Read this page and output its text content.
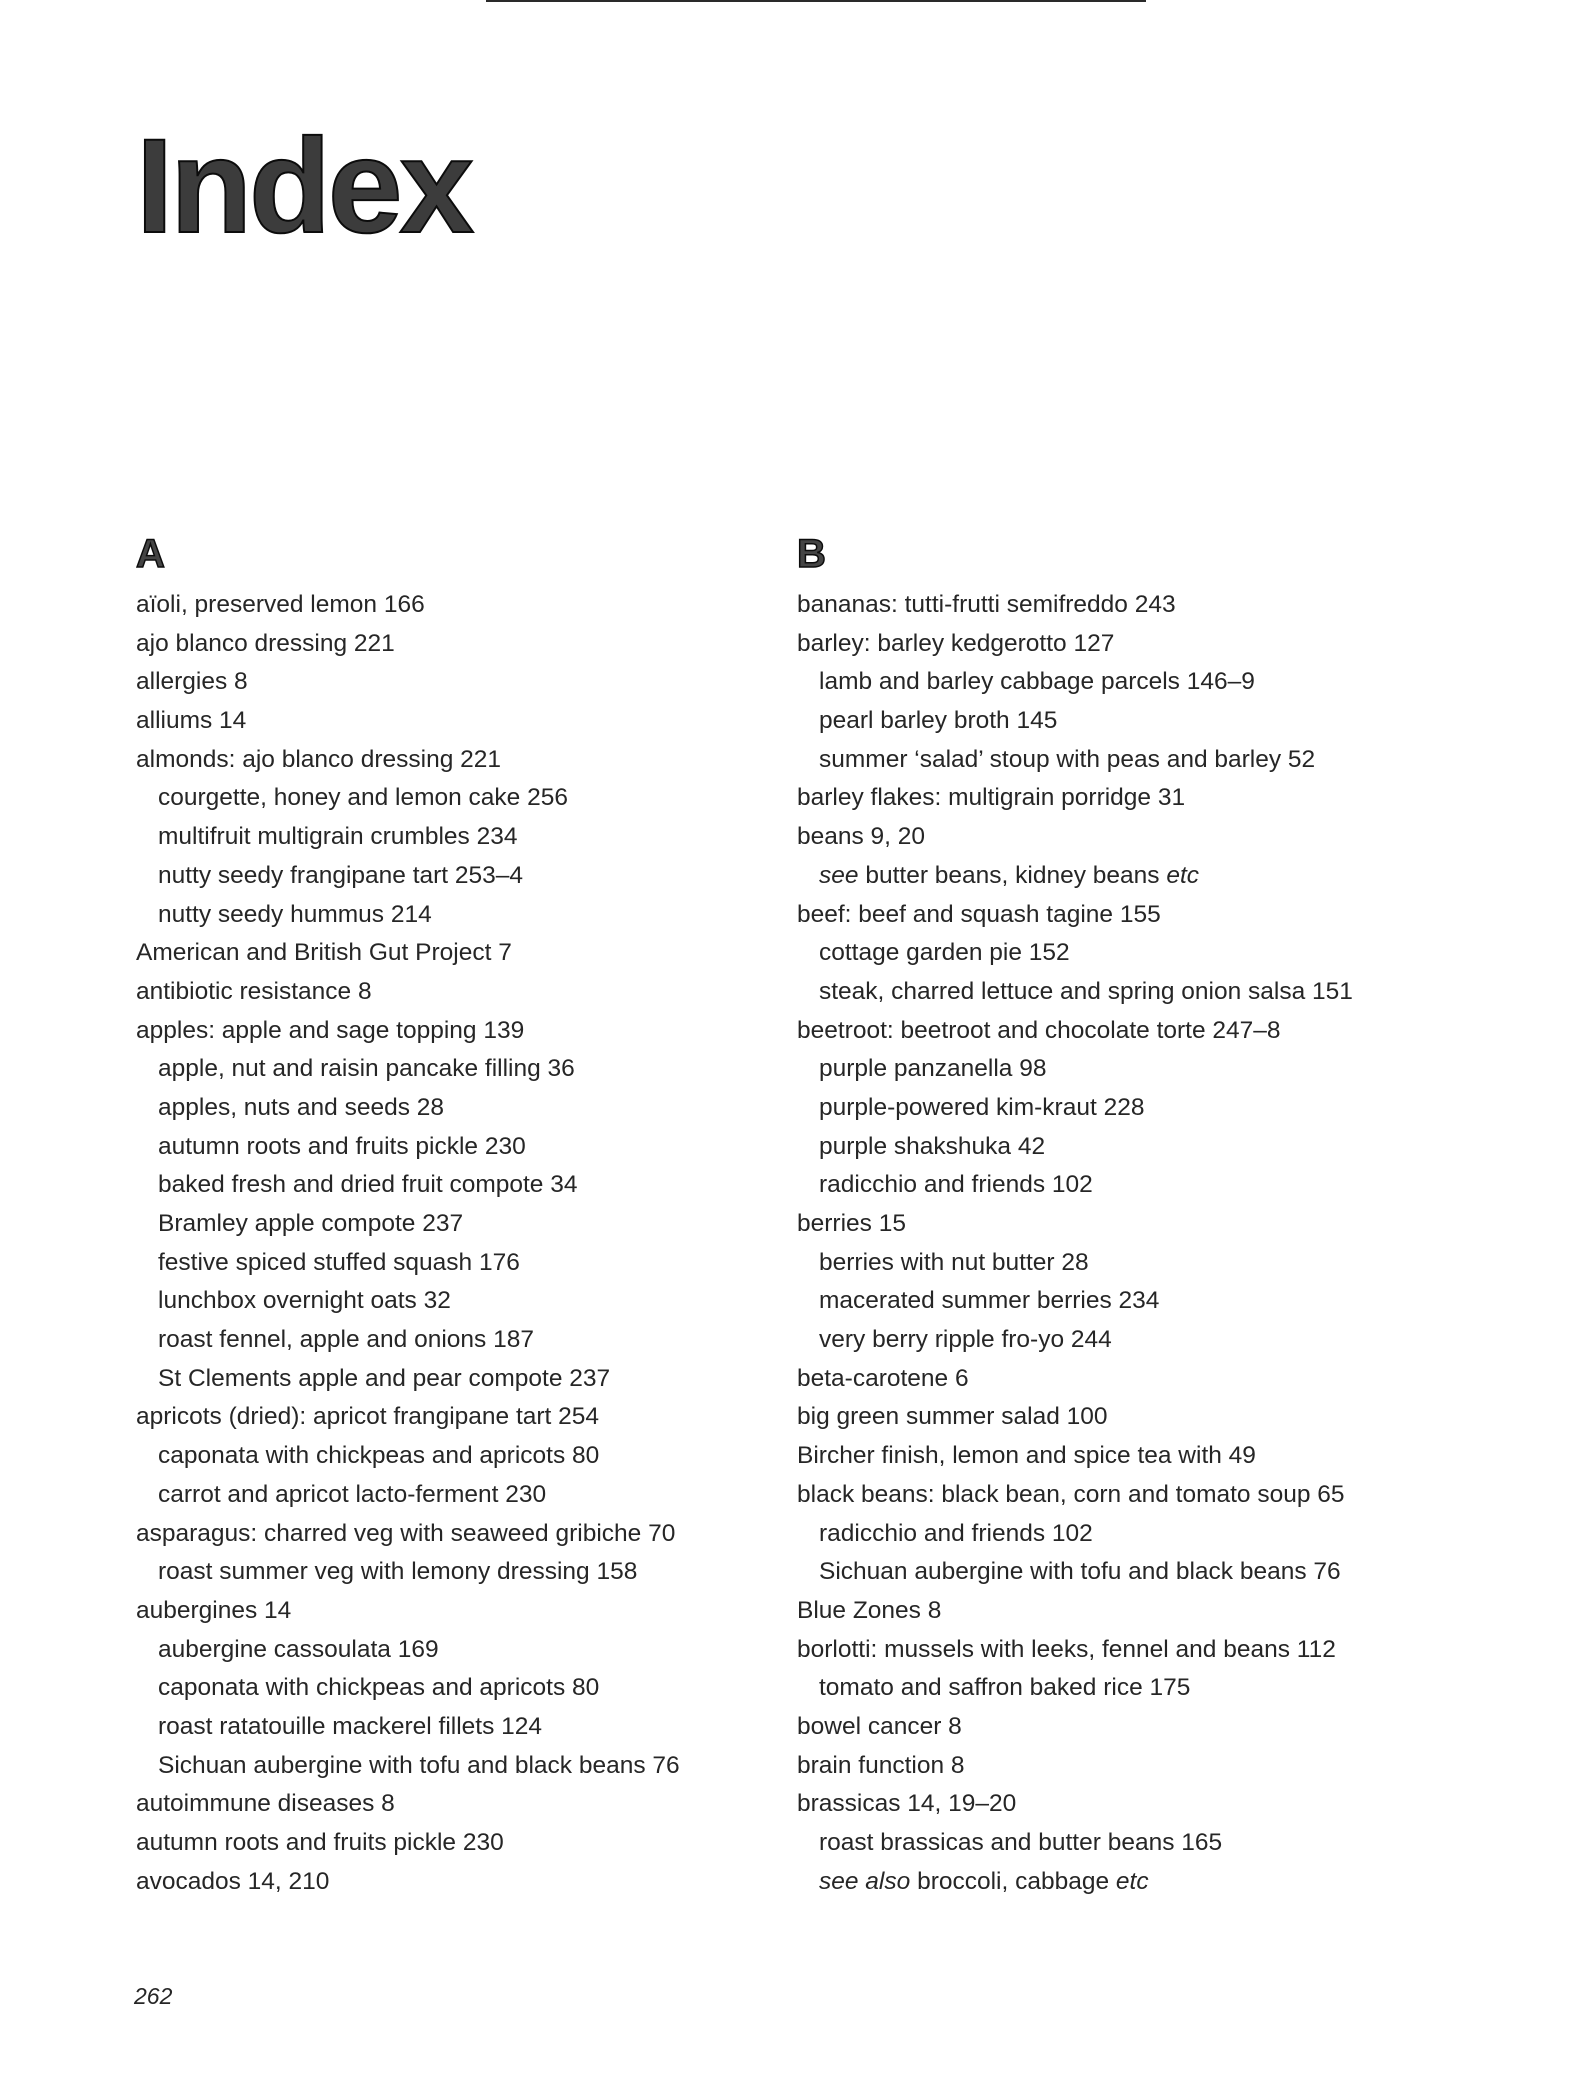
Index
A
aïoli, preserved lemon 166
ajo blanco dressing 221
allergies 8
alliums 14
almonds: ajo blanco dressing 221
courgette, honey and lemon cake 256
multifruit multigrain crumbles 234
nutty seedy frangipane tart 253–4
nutty seedy hummus 214
American and British Gut Project 7
antibiotic resistance 8
apples: apple and sage topping 139
apple, nut and raisin pancake filling 36
apples, nuts and seeds 28
autumn roots and fruits pickle 230
baked fresh and dried fruit compote 34
Bramley apple compote 237
festive spiced stuffed squash 176
lunchbox overnight oats 32
roast fennel, apple and onions 187
St Clements apple and pear compote 237
apricots (dried): apricot frangipane tart 254
caponata with chickpeas and apricots 80
carrot and apricot lacto-ferment 230
asparagus: charred veg with seaweed gribiche 70
roast summer veg with lemony dressing 158
aubergines 14
aubergine cassoulata 169
caponata with chickpeas and apricots 80
roast ratatouille mackerel fillets 124
Sichuan aubergine with tofu and black beans 76
autoimmune diseases 8
autumn roots and fruits pickle 230
avocados 14, 210
B
bananas: tutti-frutti semifreddo 243
barley: barley kedgerotto 127
lamb and barley cabbage parcels 146–9
pearl barley broth 145
summer ‘salad’ stoup with peas and barley 52
barley flakes: multigrain porridge 31
beans 9, 20
see butter beans, kidney beans etc
beef: beef and squash tagine 155
cottage garden pie 152
steak, charred lettuce and spring onion salsa 151
beetroot: beetroot and chocolate torte 247–8
purple panzanella 98
purple-powered kim-kraut 228
purple shakshuka 42
radicchio and friends 102
berries 15
berries with nut butter 28
macerated summer berries 234
very berry ripple fro-yo 244
beta-carotene 6
big green summer salad 100
Bircher finish, lemon and spice tea with 49
black beans: black bean, corn and tomato soup 65
radicchio and friends 102
Sichuan aubergine with tofu and black beans 76
Blue Zones 8
borlotti: mussels with leeks, fennel and beans 112
tomato and saffron baked rice 175
bowel cancer 8
brain function 8
brassicas 14, 19–20
roast brassicas and butter beans 165
see also broccoli, cabbage etc
262
